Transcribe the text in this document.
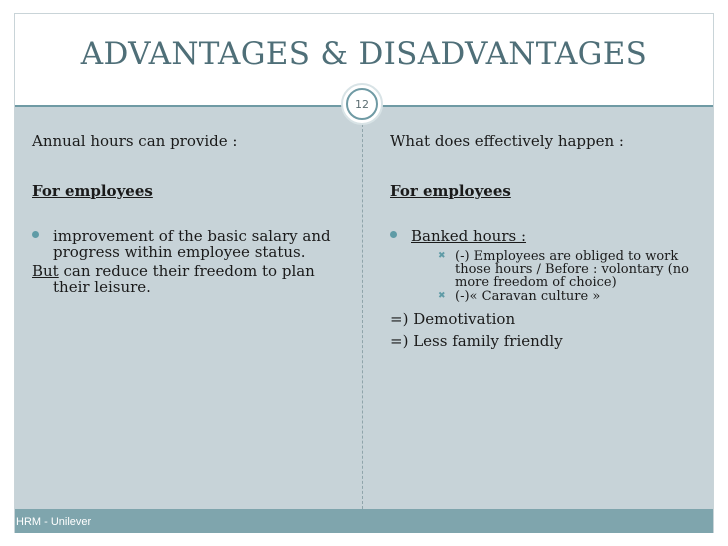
ADVANTAGES & DISADVANTAGES
12

Annual hours can provide :

For employees
improvement of the basic salary and progress within employee status.
But can reduce their freedom to plan their leisure.

What does effectively happen :

For employees
Banked hours :
✖ (-) Employees are obliged to work those hours / Before : volontary (no more freedom of choice)
✖ (-)« Caravan culture »
=) Demotivation
=) Less family friendly
HRM - Unilever
